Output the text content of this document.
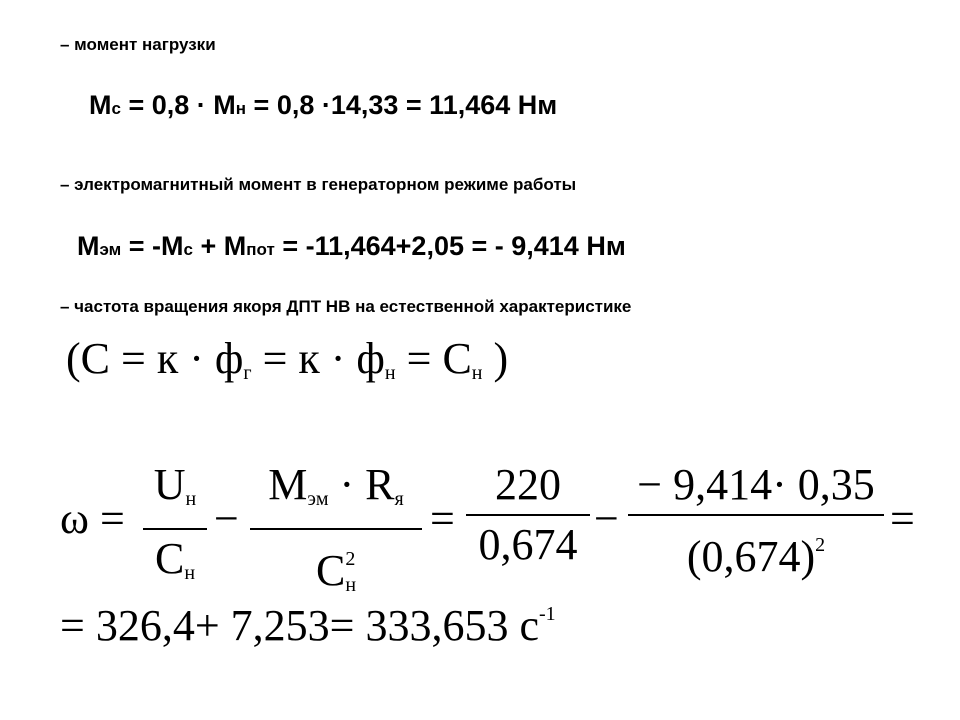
– момент нагрузки
Mc = 0,8 · Mн = 0,8 ·14,33 = 11,464 Нм
– электромагнитный момент в генераторном режиме работы
Mэм = -Mc + Mпот = -11,464+2,05 = - 9,414 Нм
– частота вращения якоря ДПТ НВ на естественной характеристике
(C = к · фг = к · фн = Cн )
ω =
Uн
Cн
−
Mэм · Rя
$C^2н$
=
220
0,674
−
− 9,414· 0,35
$(0,674)^2$
=
= 326,4+ 7,253= 333,653 $c^{-1}$
